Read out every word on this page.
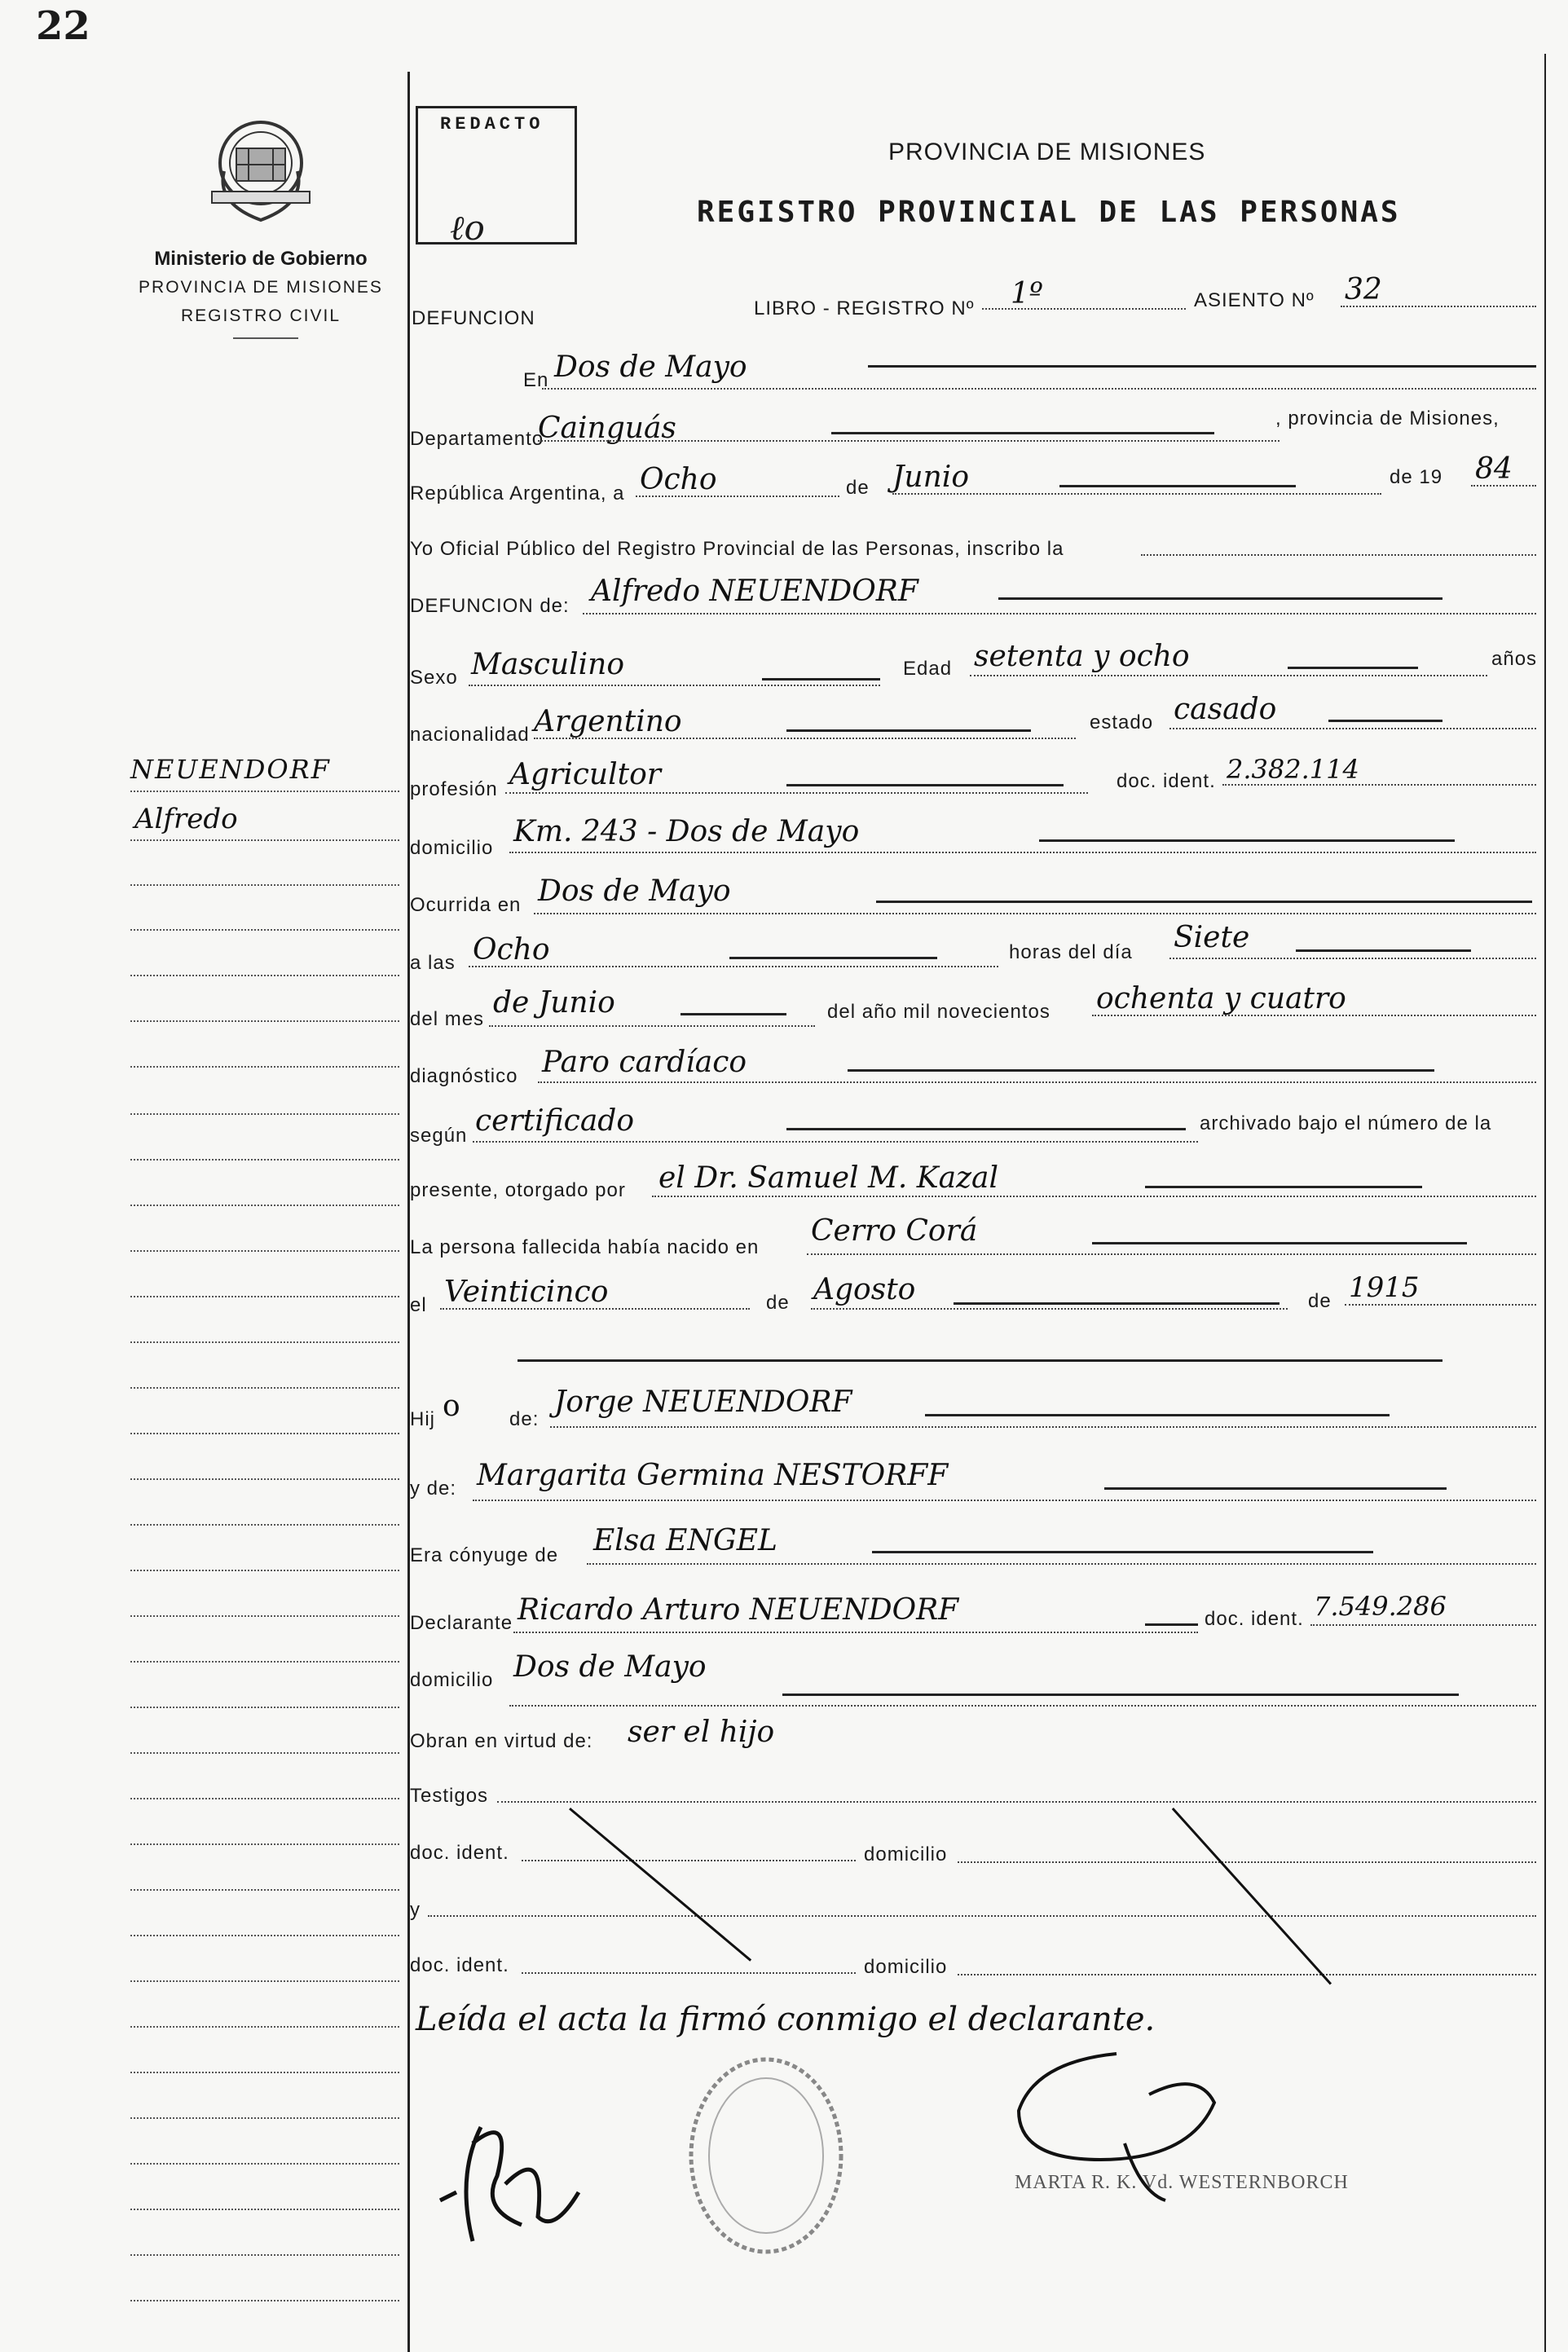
22
Ministerio de Gobierno
PROVINCIA DE MISIONES
REGISTRO CIVIL
REDACTO
ℓo
PROVINCIA DE MISIONES
REGISTRO PROVINCIAL DE LAS PERSONAS
DEFUNCION	LIBRO - REGISTRO Nº 1º	ASIENTO Nº 32
NEUENDORF
Alfredo
En Dos de Mayo
Departamento
Cainguás	, provincia de Misiones,
República Argentina, a Ocho	de Junio	de 19 84
Yo Oficial Público del Registro Provincial de las Personas, inscribo la
DEFUNCION de: Alfredo NEUENDORF
Sexo Masculino	Edad setenta y ocho	años
nacionalidad Argentino	estado casado
profesión Agricultor	doc. ident. 2.382.114
domicilio Km. 243 - Dos de Mayo
Ocurrida en Dos de Mayo
a las Ocho	horas del día Siete
del mes de Junio	del año mil novecientos ochenta y cuatro
diagnóstico Paro cardíaco
según certificado	archivado bajo el número de la
presente, otorgado por el Dr. Samuel M. Kazal
La persona fallecida había nacido en Cerro Corá
el Veinticinco	de Agosto	de 1915
Hij o	de:
Jorge NEUENDORF
y de: Margarita Germina NESTORFF
Era cónyuge de Elsa ENGEL
Declarante Ricardo Arturo NEUENDORF	doc. ident. 7.549.286
domicilio Dos de Mayo
Obran en virtud de: ser el hijo
Testigos
doc. ident.	domicilio
y
doc. ident.	domicilio
Leída el acta la firmó conmigo el declarante.
MARTA R. K. Vd. WESTERNBORCH
